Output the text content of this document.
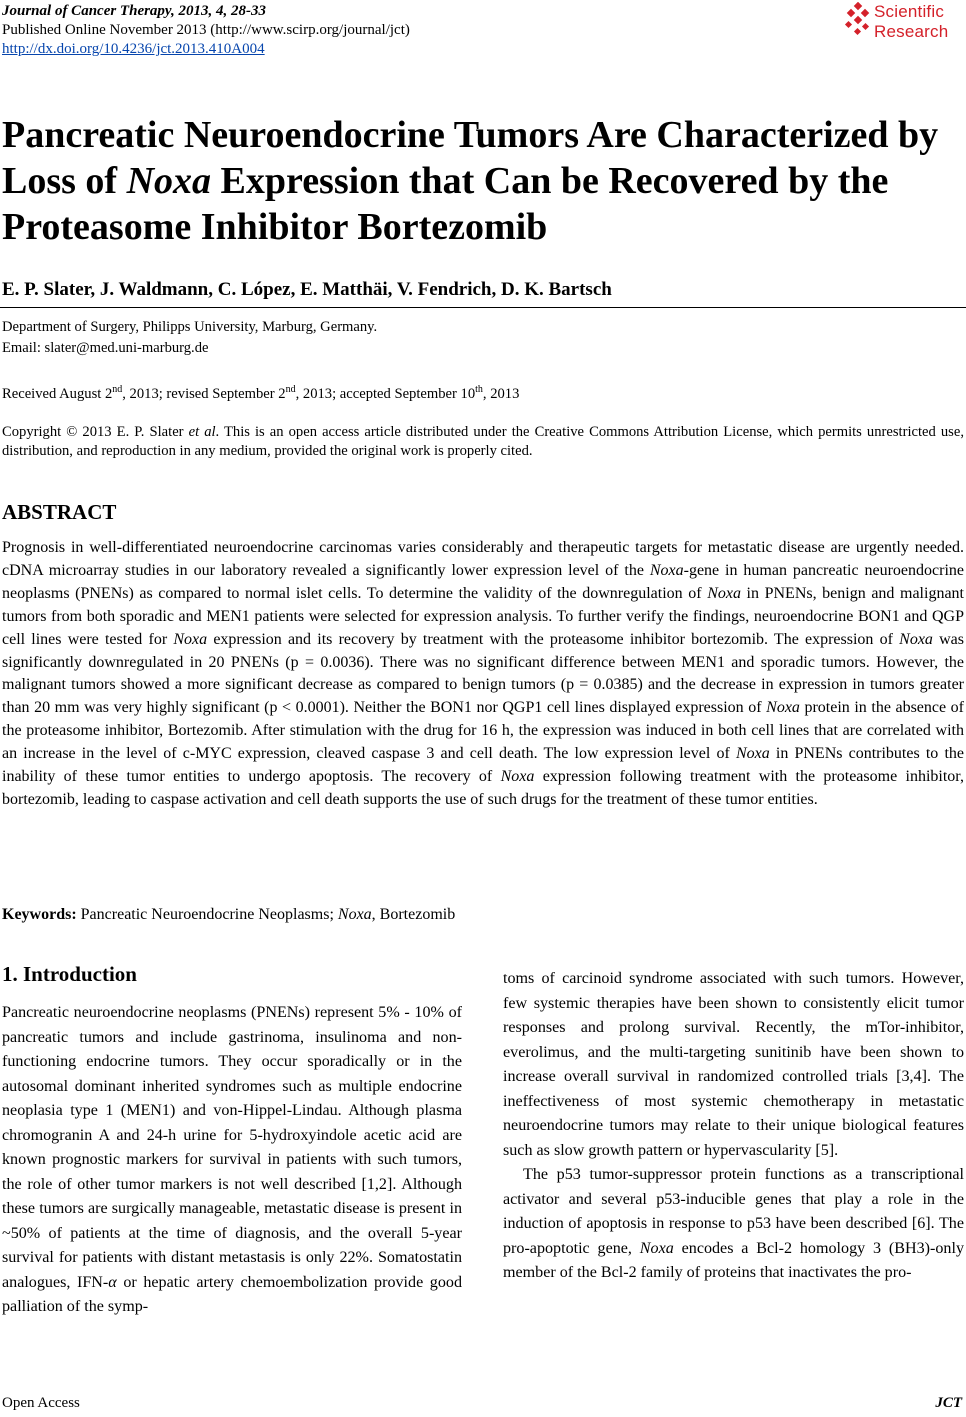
Journal of Cancer Therapy, 2013, 4, 28-33
Published Online November 2013 (http://www.scirp.org/journal/jct)
http://dx.doi.org/10.4236/jct.2013.410A004
Scientific
Research
Pancreatic Neuroendocrine Tumors Are Characterized by
Loss of Noxa Expression that Can be Recovered by the
Proteasome Inhibitor Bortezomib
E. P. Slater, J. Waldmann, C. López, E. Matthäi, V. Fendrich, D. K. Bartsch
Department of Surgery, Philipps University, Marburg, Germany.
Email: slater@med.uni-marburg.de
Received August 2nd, 2013; revised September 2nd, 2013; accepted September 10th, 2013
Copyright © 2013 E. P. Slater et al. This is an open access article distributed under the Creative Commons Attribution License, which permits unrestricted use, distribution, and reproduction in any medium, provided the original work is properly cited.
ABSTRACT
Prognosis in well-differentiated neuroendocrine carcinomas varies considerably and therapeutic targets for metastatic disease are urgently needed. cDNA microarray studies in our laboratory revealed a significantly lower expression level of the Noxa-gene in human pancreatic neuroendocrine neoplasms (PNENs) as compared to normal islet cells. To determine the validity of the downregulation of Noxa in PNENs, benign and malignant tumors from both sporadic and MEN1 patients were selected for expression analysis. To further verify the findings, neuroendocrine BON1 and QGP cell lines were tested for Noxa expression and its recovery by treatment with the proteasome inhibitor bortezomib. The expression of Noxa was significantly downregulated in 20 PNENs (p = 0.0036). There was no significant difference between MEN1 and sporadic tumors. However, the malignant tumors showed a more significant decrease as compared to benign tumors (p = 0.0385) and the decrease in expression in tumors greater than 20 mm was very highly significant (p < 0.0001). Neither the BON1 nor QGP1 cell lines displayed expression of Noxa protein in the absence of the proteasome inhibitor, Bortezomib. After stimulation with the drug for 16 h, the expression was induced in both cell lines that are correlated with an increase in the level of c-MYC expression, cleaved caspase 3 and cell death. The low expression level of Noxa in PNENs contributes to the inability of these tumor entities to undergo apoptosis. The recovery of Noxa expression following treatment with the proteasome inhibitor, bortezomib, leading to caspase activation and cell death supports the use of such drugs for the treatment of these tumor entities.
Keywords: Pancreatic Neuroendocrine Neoplasms; Noxa, Bortezomib
1. Introduction

Pancreatic neuroendocrine neoplasms (PNENs) represent 5% - 10% of pancreatic tumors and include gastrinoma, insulinoma and non-functioning endocrine tumors. They occur sporadically or in the autosomal dominant inherited syndromes such as multiple endocrine neoplasia type 1 (MEN1) and von-Hippel-Lindau. Although plasma chromogranin A and 24-h urine for 5-hydroxyindole acetic acid are known prognostic markers for survival in patients with such tumors, the role of other tumor markers is not well described [1,2]. Although these tumors are surgically manageable, metastatic disease is present in ~50% of patients at the time of diagnosis, and the overall 5-year survival for patients with distant metastasis is only 22%. Somatostatin analogues, IFN-α or hepatic artery chemoembolization provide good palliation of the symp-

toms of carcinoid syndrome associated with such tumors. However, few systemic therapies have been shown to consistently elicit tumor responses and prolong survival. Recently, the mTor-inhibitor, everolimus, and the multi-targeting sunitinib have been shown to increase overall survival in randomized controlled trials [3,4]. The ineffectiveness of most systemic chemotherapy in metastatic neuroendocrine tumors may relate to their unique biological features such as slow growth pattern or hypervascularity [5].

The p53 tumor-suppressor protein functions as a transcriptional activator and several p53-inducible genes that play a role in the induction of apoptosis in response to p53 have been described [6]. The pro-apoptotic gene, Noxa encodes a Bcl-2 homology 3 (BH3)-only member of the Bcl-2 family of proteins that inactivates the pro-

Open Access	JCT
